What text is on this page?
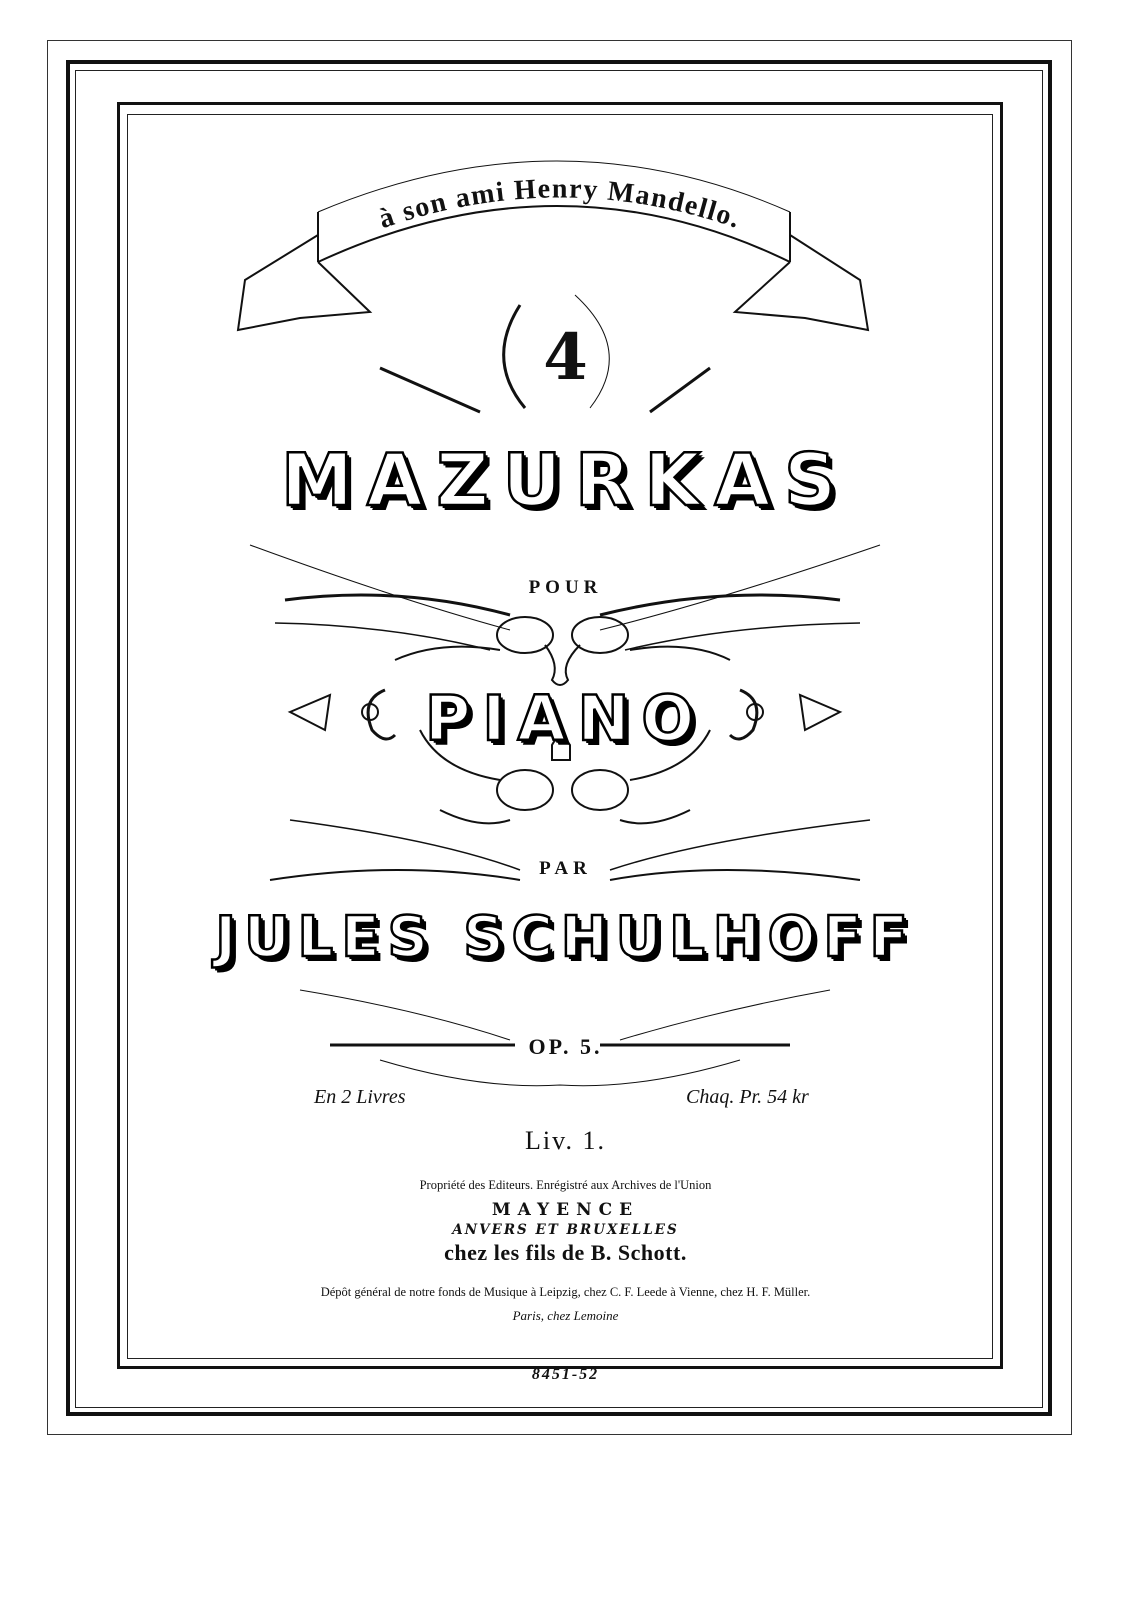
à son ami Henry Mandello.
4
MAZURKAS
POUR
PIANO
PAR
JULES SCHULHOFF
OP. 5.
En 2 Livres	Chaq. Pr. 54 kr
Liv. 1.
Propriété des Editeurs. Enrégistré aux Archives de l'Union
MAYENCE
ANVERS ET BRUXELLES
chez les fils de B. Schott.
Dépôt général de notre fonds de Musique à Leipzig, chez C. F. Leede à Vienne, chez H. F. Müller.
Paris, chez Lemoine
8451-52
